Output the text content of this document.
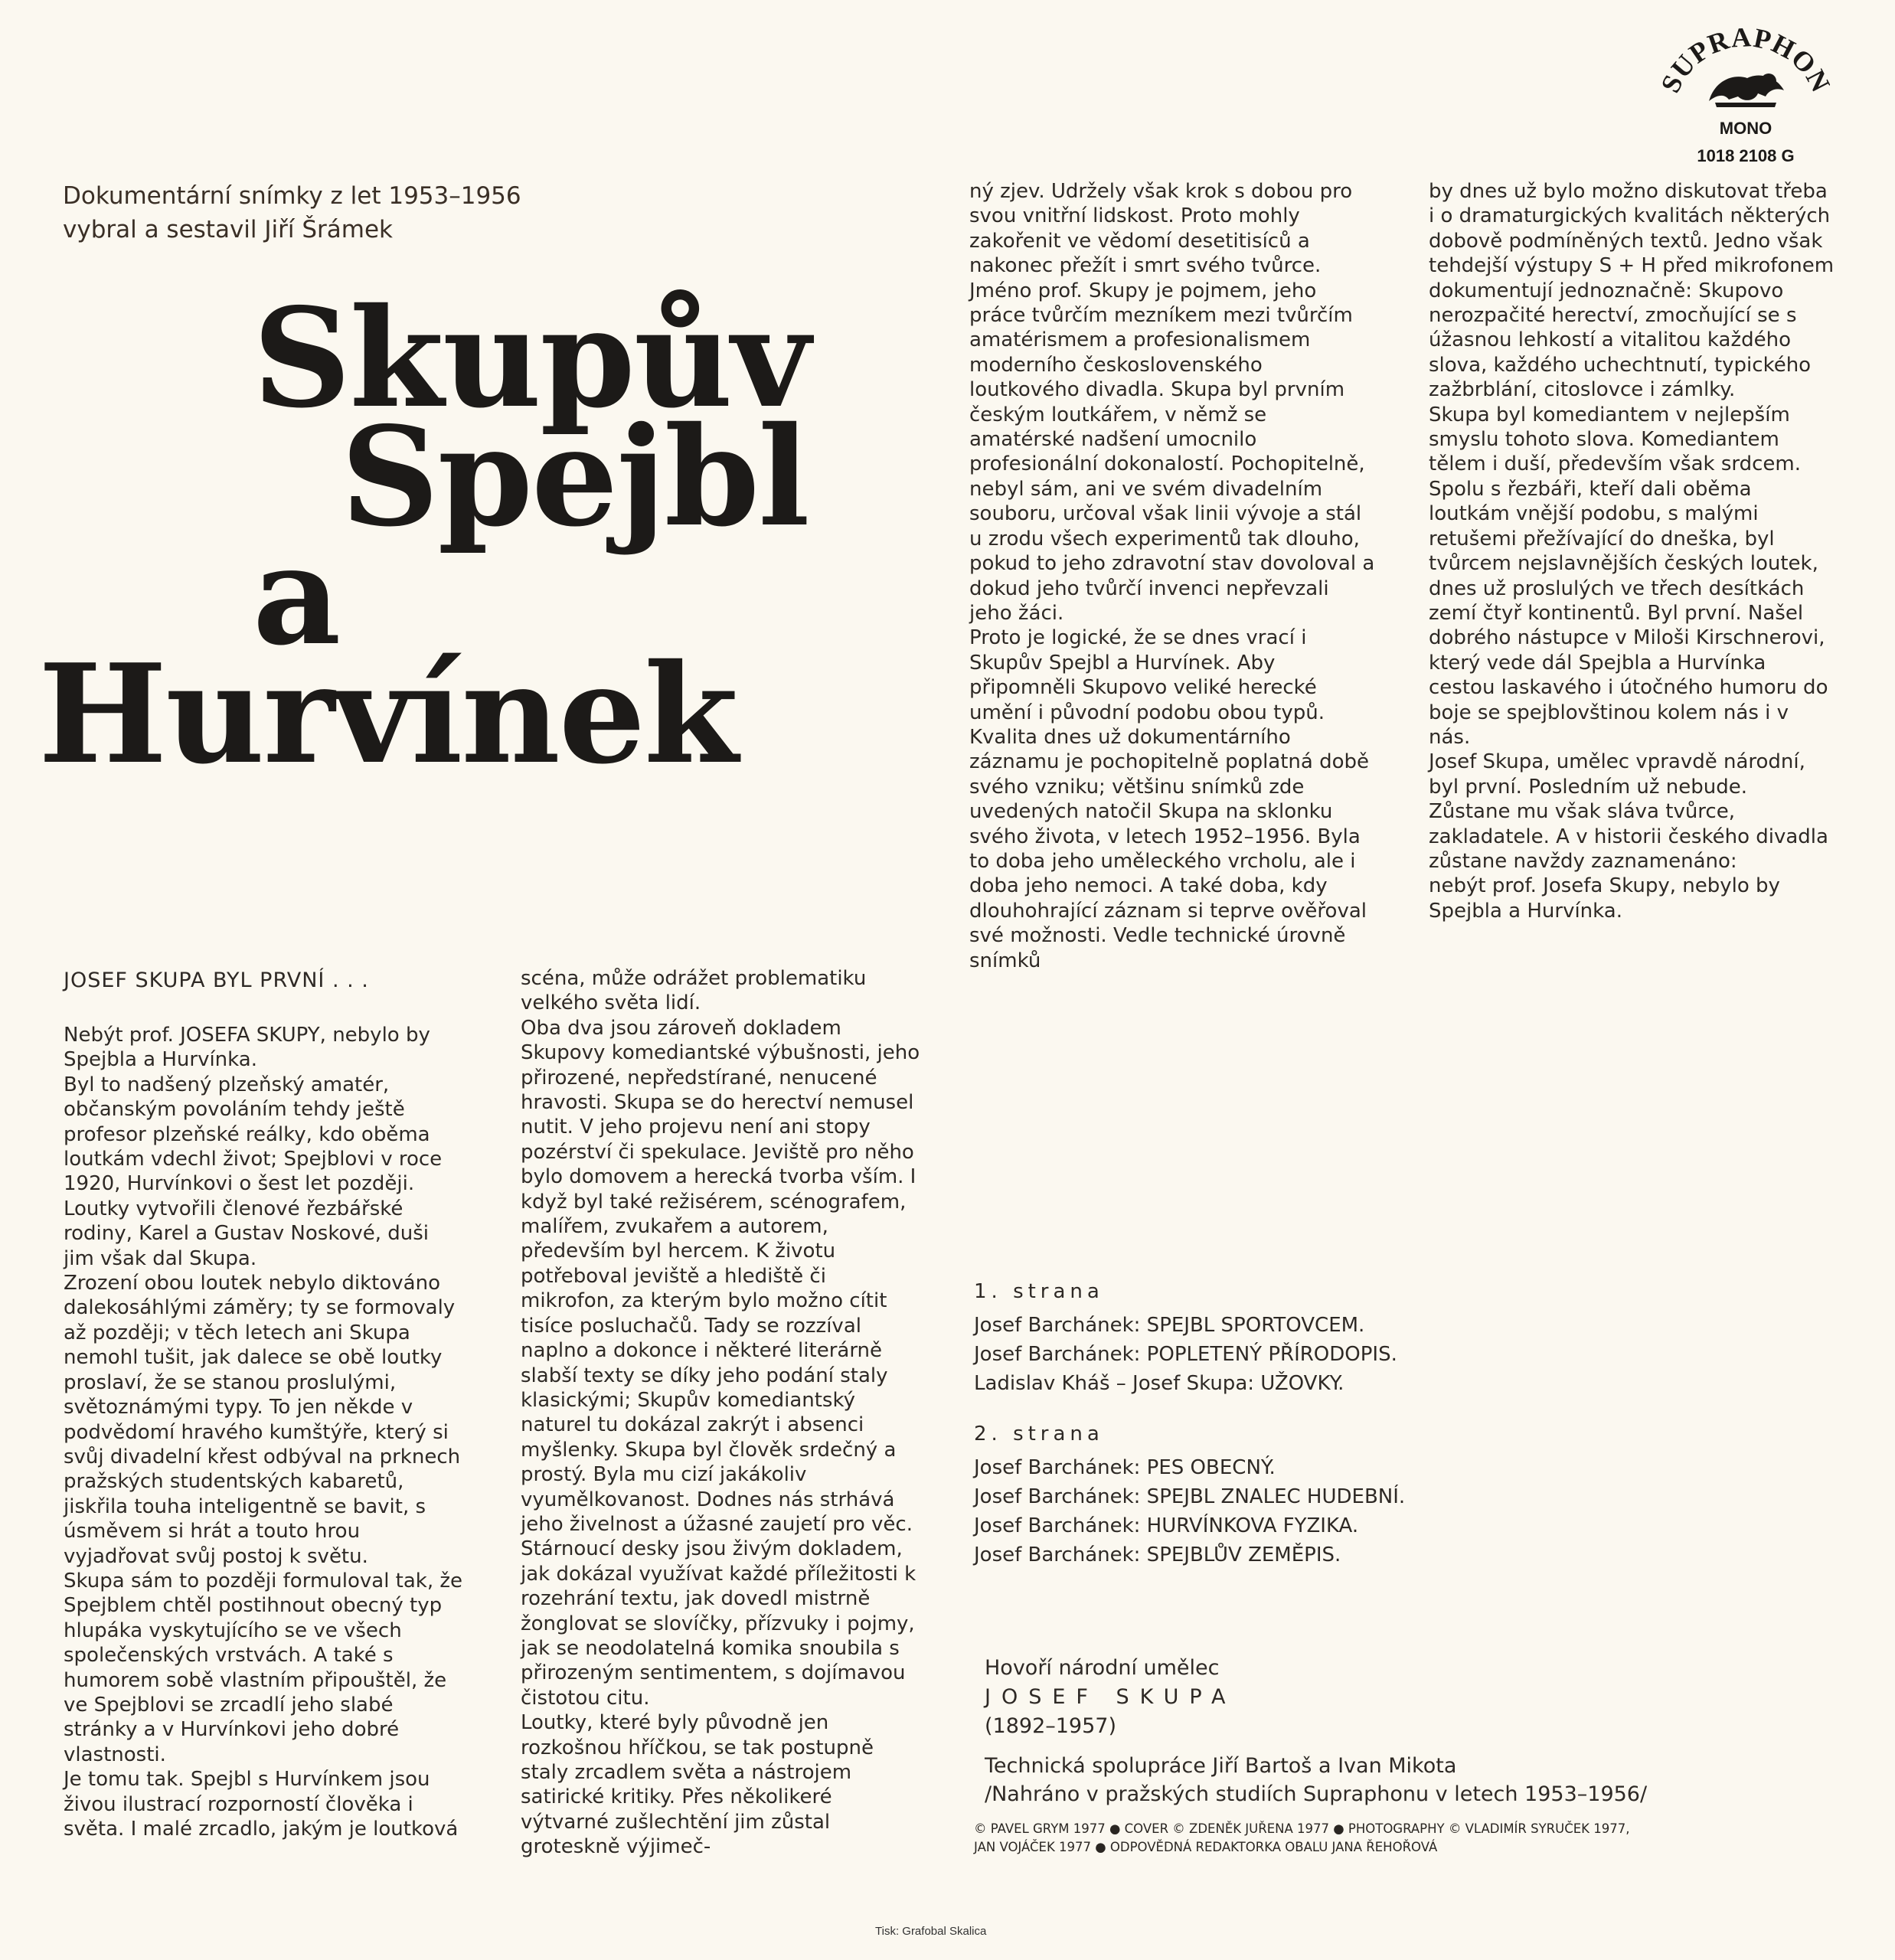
UPRAPHO
MONO
1018 2108 G
Dokumentární snímky z let 1953–1956
vybral a sestavil Jiří Šrámek
Skupův
Spejbl
a
Hurvínek
JOSEF SKUPA BYL PRVNÍ . . .

Nebýt prof. JOSEFA SKUPY, nebylo by Spejbla a Hurvínka.

Byl to nadšený plzeňský amatér, občanským povoláním tehdy ještě profesor plzeňské reálky, kdo oběma loutkám vdechl život; Spejblovi v roce 1920, Hurvínkovi o šest let později. Loutky vytvořili členové řezbářské rodiny, Karel a Gustav Noskové, duši jim však dal Skupa.

Zrození obou loutek nebylo diktováno dalekosáhlými záměry; ty se formovaly až později; v těch letech ani Skupa nemohl tušit, jak dalece se obě loutky proslaví, že se stanou proslulými, světoznámými typy. To jen někde v podvědomí hravého kumštýře, který si svůj divadelní křest odbýval na prknech pražských studentských kabaretů, jiskřila touha inteligentně se bavit, s úsměvem si hrát a touto hrou vyjadřovat svůj postoj k světu.

Skupa sám to později formuloval tak, že Spejblem chtěl postihnout obecný typ hlupáka vyskytujícího se ve všech společenských vrstvách. A také s humorem sobě vlastním připouštěl, že ve Spejblovi se zrcadlí jeho slabé stránky a v Hurvínkovi jeho dobré vlastnosti.

Je tomu tak. Spejbl s Hurvínkem jsou živou ilustrací rozporností člověka i světa. I malé zrcadlo, jakým je loutková

scéna, může odrážet problematiku velkého světa lidí.

Oba dva jsou zároveň dokladem Skupovy komediantské výbušnosti, jeho přirozené, nepředstírané, nenucené hravosti. Skupa se do herectví nemusel nutit. V jeho projevu není ani stopy pozérství či spekulace. Jeviště pro něho bylo domovem a herecká tvorba vším. I když byl také režisérem, scénografem, malířem, zvukařem a autorem, především byl hercem. K životu potřeboval jeviště a hlediště či mikrofon, za kterým bylo možno cítit tisíce posluchačů. Tady se rozzíval naplno a dokonce i některé literárně slabší texty se díky jeho podání staly klasickými; Skupův komediantský naturel tu dokázal zakrýt i absenci myšlenky. Skupa byl člověk srdečný a prostý. Byla mu cizí jakákoliv vyumělkovanost. Dodnes nás strhává jeho živelnost a úžasné zaujetí pro věc. Stárnoucí desky jsou živým dokladem, jak dokázal využívat každé příležitosti k rozehrání textu, jak dovedl mistrně žonglovat se slovíčky, přízvuky i pojmy, jak se neodolatelná komika snoubila s přirozeným sentimentem, s dojímavou čistotou citu.

Loutky, které byly původně jen rozkošnou hříčkou, se tak postupně staly zrcadlem světa a nástrojem satirické kritiky. Přes několikeré výtvarné zušlechtění jim zůstal groteskně výjimeč-

ný zjev. Udržely však krok s dobou pro svou vnitřní lidskost. Proto mohly zakořenit ve vědomí desetitisíců a nakonec přežít i smrt svého tvůrce.

Jméno prof. Skupy je pojmem, jeho práce tvůrčím mezníkem mezi tvůrčím amatérismem a profesionalismem moderního československého loutkového divadla. Skupa byl prvním českým loutkářem, v němž se amatérské nadšení umocnilo profesionální dokonalostí. Pochopitelně, nebyl sám, ani ve svém divadelním souboru, určoval však linii vývoje a stál u zrodu všech experimentů tak dlouho, pokud to jeho zdravotní stav dovoloval a dokud jeho tvůrčí invenci nepřevzali jeho žáci.

Proto je logické, že se dnes vrací i Skupův Spejbl a Hurvínek. Aby připomněli Skupovo veliké herecké umění i původní podobu obou typů. Kvalita dnes už dokumentárního záznamu je pochopitelně poplatná době svého vzniku; většinu snímků zde uvedených natočil Skupa na sklonku svého života, v letech 1952–1956. Byla to doba jeho uměleckého vrcholu, ale i doba jeho nemoci. A také doba, kdy dlouhohrající záznam si teprve ověřoval své možnosti. Vedle technické úrovně snímků

by dnes už bylo možno diskutovat třeba i o dramaturgických kvalitách některých dobově podmíněných textů. Jedno však tehdejší výstupy S + H před mikrofonem dokumentují jednoznačně: Skupovo nerozpačité herectví, zmocňující se s úžasnou lehkostí a vitalitou každého slova, každého uchechtnutí, typického zažbrblání, citoslovce i zámlky.

Skupa byl komediantem v nejlepším smyslu tohoto slova. Komediantem tělem i duší, především však srdcem. Spolu s řezbáři, kteří dali oběma loutkám vnější podobu, s malými retušemi přežívající do dneška, byl tvůrcem nejslavnějších českých loutek, dnes už proslulých ve třech desítkách zemí čtyř kontinentů. Byl první. Našel dobrého nástupce v Miloši Kirschnerovi, který vede dál Spejbla a Hurvínka cestou laskavého i útočného humoru do boje se spejblovštinou kolem nás i v nás.

Josef Skupa, umělec vpravdě národní, byl první. Posledním už nebude. Zůstane mu však sláva tvůrce, zakladatele. A v historii českého divadla zůstane navždy zaznamenáno:

nebýt prof. Josefa Skupy, nebylo by Spejbla a Hurvínka.

1. strana
Josef Barchánek: SPEJBL SPORTOVCEM.
Josef Barchánek: POPLETENÝ PŘÍRODOPIS.
Ladislav Kháš – Josef Skupa: UŽOVKY.
2. strana
Josef Barchánek: PES OBECNÝ.
Josef Barchánek: SPEJBL ZNALEC HUDEBNÍ.
Josef Barchánek: HURVÍNKOVA FYZIKA.
Josef Barchánek: SPEJBLŮV ZEMĚPIS.
Hovoří národní umělec
JOSEF SKUPA
(1892–1957)
Technická spolupráce Jiří Bartoš a Ivan Mikota
/Nahráno v pražských studiích Supraphonu v letech 1953–1956/
© PAVEL GRYM 1977 ● COVER © ZDENĚK JUŘENA 1977 ● PHOTOGRAPHY © VLADIMÍR SYRUČEK 1977,
JAN VOJÁČEK 1977 ● ODPOVĚDNÁ REDAKTORKA OBALU JANA ŘEHOŘOVÁ
Tisk: Grafobal Skalica
